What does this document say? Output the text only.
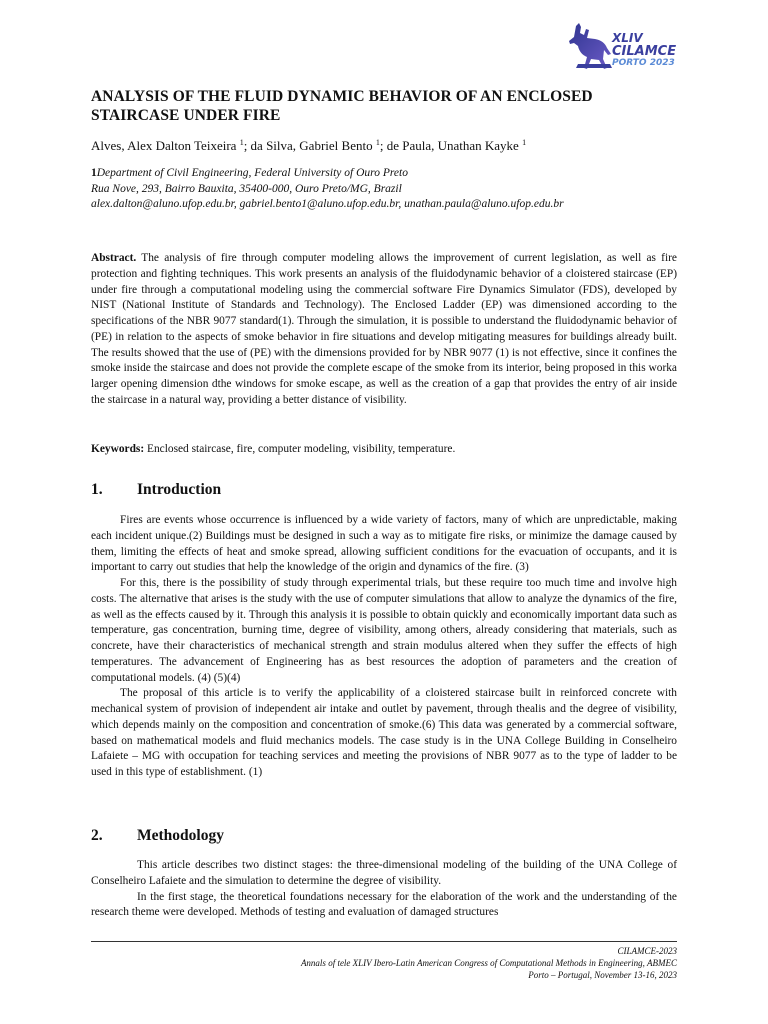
XLIV
CILAMCE
PORTO 2023
ANALYSIS OF THE FLUID DYNAMIC BEHAVIOR OF AN ENCLOSED
STAIRCASE UNDER FIRE
Alves, Alex Dalton Teixeira $^1$; da Silva, Gabriel Bento $^1$; de Paula, Unathan Kayke $^1$
1Department of Civil Engineering, Federal University of Ouro Preto
Rua Nove, 293, Bairro Bauxita, 35400-000, Ouro Preto/MG, Brazil
alex.dalton@aluno.ufop.edu.br, gabriel.bento1@aluno.ufop.edu.br, unathan.paula@aluno.ufop.edu.br
Abstract. The analysis of fire through computer modeling allows the improvement of current legislation, as well as fire protection and fighting techniques. This work presents an analysis of the fluidodynamic behavior of a cloistered staircase (EP) under fire through a computational modeling using the commercial software Fire Dynamics Simulator (FDS), developed by NIST (National Institute of Standards and Technology). The Enclosed Ladder (EP) was dimensioned according to the specifications of the NBR 9077 standard(1). Through the simulation, it is possible to understand the fluidodynamic behavior of (PE) in relation to the aspects of smoke behavior in fire situations and develop mitigating measures for buildings already built. The results showed that the use of (PE) with the dimensions provided for by NBR 9077 (1) is not effective, since it confines the smoke inside the staircase and does not provide the complete escape of the smoke from its interior, being proposed in this worka larger opening dimension dthe windows for smoke escape, as well as the creation of a gap that provides the entry of air inside the staircase in a natural way, providing a better distance of visibility.
Keywords: Enclosed staircase, fire, computer modeling, visibility, temperature.
1. Introduction

Fires are events whose occurrence is influenced by a wide variety of factors, many of which are unpredictable, making each incident unique.(2) Buildings must be designed in such a way as to mitigate fire risks, or minimize the damage caused by them, limiting the effects of heat and smoke spread, allowing sufficient conditions for the evacuation of occupants, and it is important to carry out studies that help the knowledge of the origin and dynamics of the fire. (3)

For this, there is the possibility of study through experimental trials, but these require too much time and involve high costs. The alternative that arises is the study with the use of computer simulations that allow to analyze the dynamics of the fire, as well as the effects caused by it. Through this analysis it is possible to obtain quickly and economically important data such as temperature, gas concentration, burning time, degree of visibility, among others, already considering that materials, such as concrete, have their characteristics of mechanical strength and strain modulus altered when they suffer the effects of high temperatures. The advancement of Engineering has as best resources the adoption of parameters and the creation of computational models. (4) (5)(4)

The proposal of this article is to verify the applicability of a cloistered staircase built in reinforced concrete with mechanical system of provision of independent air intake and outlet by pavement, through thealis and the degree of visibility, which depends mainly on the composition and concentration of smoke.(6) This data was generated by a commercial software, based on mathematical models and fluid mechanics models. The case study is in the UNA College Building in Conselheiro Lafaiete – MG with occupation for teaching services and meeting the provisions of NBR 9077 as to the type of ladder to be used in this type of establishment. (1)

2. Methodology

This article describes two distinct stages: the three-dimensional modeling of the building of the UNA College of Conselheiro Lafaiete and the simulation to determine the degree of visibility.

In the first stage, the theoretical foundations necessary for the elaboration of the work and the understanding of the research theme were developed. Methods of testing and evaluation of damaged structures

CILAMCE-2023
Annals of tele XLIV Ibero-Latin American Congress of Computational Methods in Engineering, ABMEC
Porto – Portugal, November 13-16, 2023
